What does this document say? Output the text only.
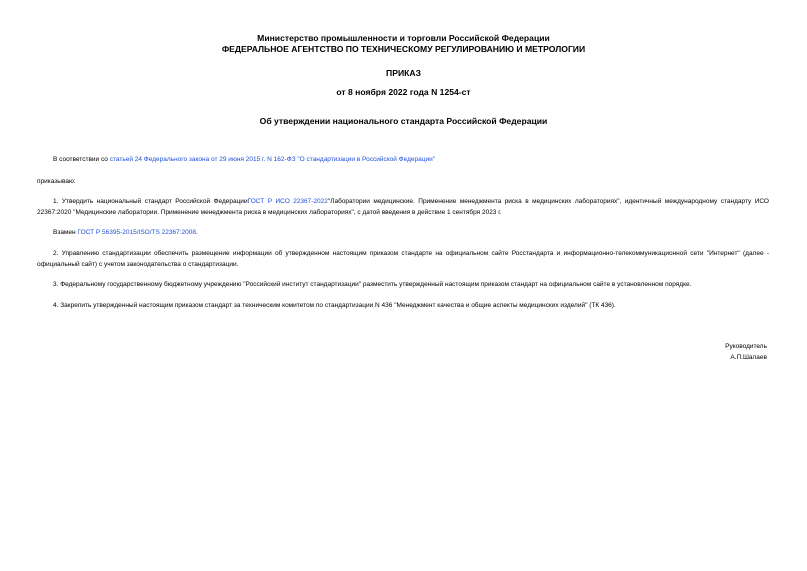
Министерство промышленности и торговли Российской Федерации
ФЕДЕРАЛЬНОЕ АГЕНТСТВО ПО ТЕХНИЧЕСКОМУ РЕГУЛИРОВАНИЮ И МЕТРОЛОГИИ
ПРИКАЗ
от 8 ноября 2022 года N 1254-ст
Об утверждении национального стандарта Российской Федерации
В соответствии со статьей 24 Федерального закона от 29 июня 2015 г. N 162-ФЗ "О стандартизации в Российской Федерации"
приказываю:
1. Утвердить национальный стандарт Российской ФедерацииГОСТ Р ИСО 22367-2022"Лаборатории медицинские. Применение менеджмента риска в медицинских лабораториях", идентичный международному стандарту ИСО 22367:2020 "Медицинские лаборатории. Применение менеджмента риска в медицинских лабораториях", с датой введения в действие 1 сентября 2023 г.
Взамен ГОСТ Р 56395-2015/ISO/TS 22367:2008.
2. Управлению стандартизации обеспечить размещение информации об утвержденном настоящим приказом стандарте на официальном сайте Росстандарта и информационно-телекоммуникационной сети "Интернет" (далее - официальный сайт) с учетом законодательства о стандартизации.
3. Федеральному государственному бюджетному учреждению "Российский институт стандартизации" разместить утвержденный настоящим приказом стандарт на официальном сайте в установленном порядке.
4. Закрепить утвержденный настоящим приказом стандарт за техническим комитетом по стандартизации N 436 "Менеджмент качества и общие аспекты медицинских изделий" (ТК 436).
Руководитель
А.П.Шалаев
